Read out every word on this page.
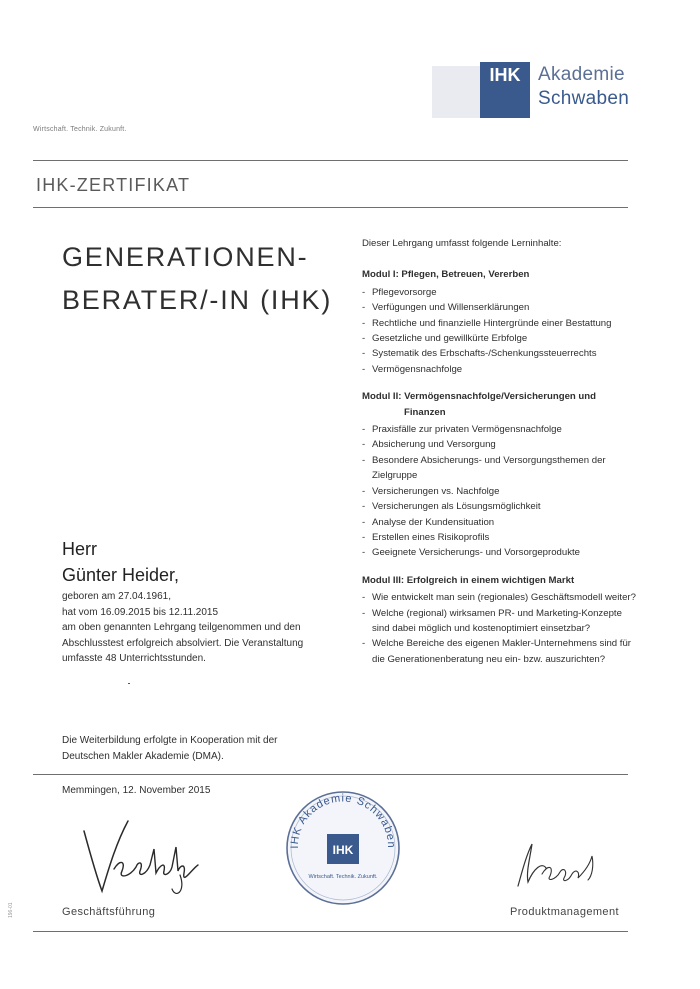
IHK Akademie
Schwaben
Wirtschaft. Technik. Zukunft.
IHK-ZERTIFIKAT
GENERATIONEN-
BERATER/-IN (IHK)
Dieser Lehrgang umfasst folgende Lerninhalte:
Modul I: Pflegen, Betreuen, Vererben
- Pflegevorsorge
- Verfügungen und Willenserklärungen
- Rechtliche und finanzielle Hintergründe einer Bestattung
- Gesetzliche und gewillkürte Erbfolge
- Systematik des Erbschafts-/Schenkungssteuerrechts
- Vermögensnachfolge
Modul II: Vermögensnachfolge/Versicherungen und
Finanzen
- Praxisfälle zur privaten Vermögensnachfolge
- Absicherung und Versorgung
- Besondere Absicherungs- und Versorgungsthemen der Zielgruppe
- Versicherungen vs. Nachfolge
- Versicherungen als Lösungsmöglichkeit
- Analyse der Kundensituation
- Erstellen eines Risikoprofils
- Geeignete Versicherungs- und Vorsorgeprodukte
Modul III: Erfolgreich in einem wichtigen Markt
- Wie entwickelt man sein (regionales) Geschäftsmodell weiter?
- Welche (regional) wirksamen PR- und Marketing-Konzepte sind dabei möglich und kostenoptimiert einsetzbar?
- Welche Bereiche des eigenen Makler-Unternehmens sind für die Generationenberatung neu ein- bzw. auszurichten?
Herr
Günter Heider,
geboren am 27.04.1961,
hat vom 16.09.2015 bis 12.11.2015
am oben genannten Lehrgang teilgenommen und den
Abschlusstest erfolgreich absolviert. Die Veranstaltung
umfasste 48 Unterrichtsstunden.
Die Weiterbildung erfolgte in Kooperation mit der
Deutschen Makler Akademie (DMA).
Memmingen, 12. November 2015
IHK Akademie Schwaben
IHK
Wirtschaft. Technik. Zukunft.
Geschäftsführung	Produktmanagement
196-01
